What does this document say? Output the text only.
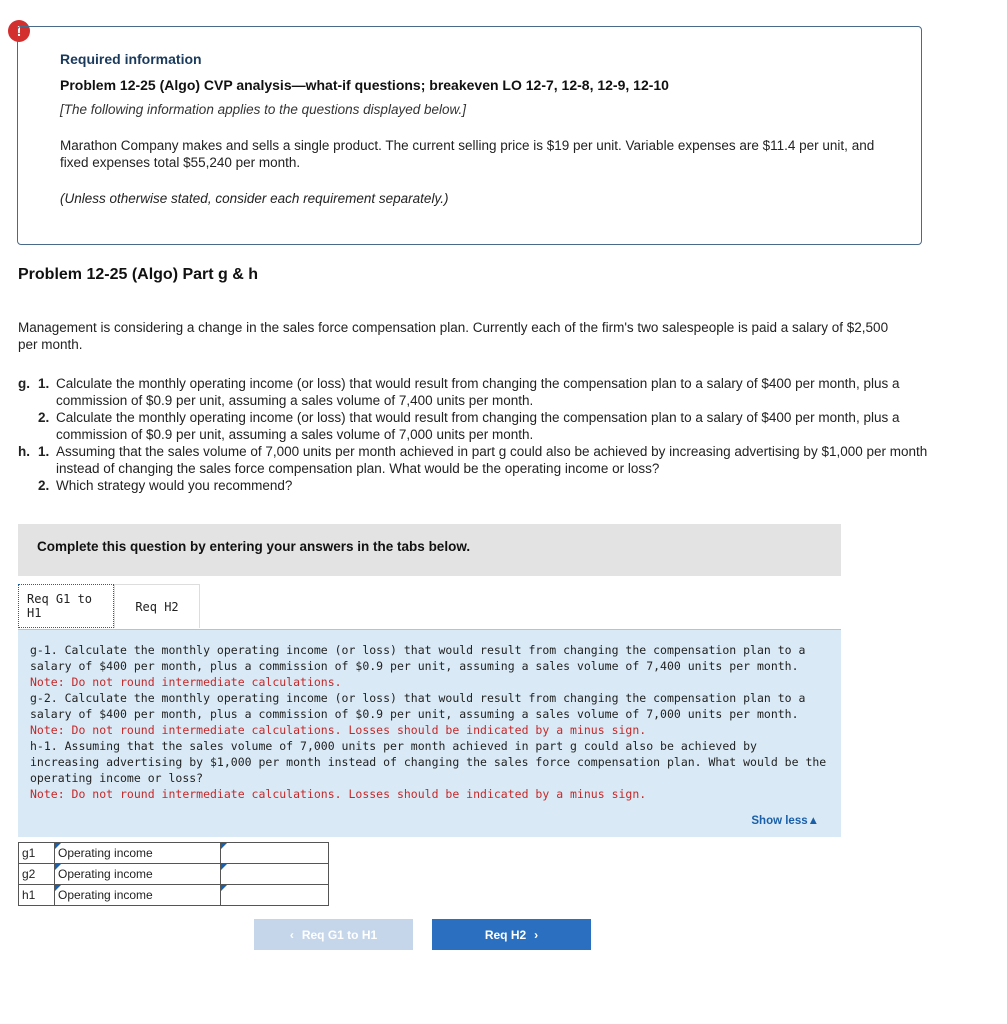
!

Required information

Problem 12-25 (Algo) CVP analysis—what-if questions; breakeven LO 12-7, 12-8, 12-9, 12-10

[The following information applies to the questions displayed below.]

Marathon Company makes and sells a single product. The current selling price is $19 per unit. Variable expenses are $11.4 per unit, and fixed expenses total $55,240 per month.

(Unless otherwise stated, consider each requirement separately.)

Problem 12-25 (Algo) Part g & h

Management is considering a change in the sales force compensation plan. Currently each of the firm's two salespeople is paid a salary of $2,500 per month.

g. 1. Calculate the monthly operating income (or loss) that would result from changing the compensation plan to a salary of $400 per month, plus a commission of $0.9 per unit, assuming a sales volume of 7,400 units per month.
2. Calculate the monthly operating income (or loss) that would result from changing the compensation plan to a salary of $400 per month, plus a commission of $0.9 per unit, assuming a sales volume of 7,000 units per month.
h. 1. Assuming that the sales volume of 7,000 units per month achieved in part g could also be achieved by increasing advertising by $1,000 per month instead of changing the sales force compensation plan. What would be the operating income or loss?
2. Which strategy would you recommend?
Complete this question by entering your answers in the tabs below.
Req G1 to H1	Req H2

g-1. Calculate the monthly operating income (or loss) that would result from changing the compensation plan to a salary of $400 per month, plus a commission of $0.9 per unit, assuming a sales volume of 7,400 units per month.

Note: Do not round intermediate calculations.

g-2. Calculate the monthly operating income (or loss) that would result from changing the compensation plan to a salary of $400 per month, plus a commission of $0.9 per unit, assuming a sales volume of 7,000 units per month.

Note: Do not round intermediate calculations. Losses should be indicated by a minus sign.

h-1. Assuming that the sales volume of 7,000 units per month achieved in part g could also be achieved by increasing advertising by $1,000 per month instead of changing the sales force compensation plan. What would be the operating income or loss?

Note: Do not round intermediate calculations. Losses should be indicated by a minus sign.

Show less▲
g1	Operating income	

g2	Operating income	

h1	Operating income	
‹ Req G1 to H1	Req H2 ›
